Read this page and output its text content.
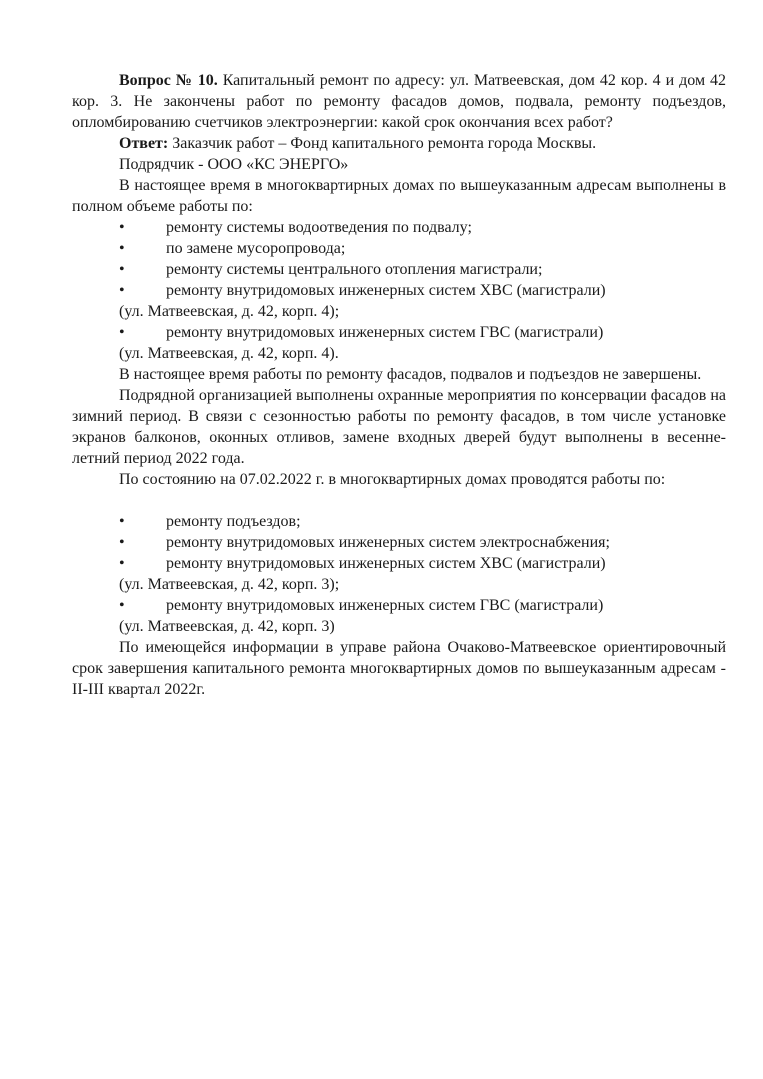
Вопрос № 10. Капитальный ремонт по адресу: ул. Матвеевская, дом 42 кор. 4 и дом 42 кор. 3. Не закончены работ по ремонту фасадов домов, подвала, ремонту подъездов, опломбированию счетчиков электроэнергии: какой срок окончания всех работ?

Ответ: Заказчик работ – Фонд капитального ремонта города Москвы.

Подрядчик - ООО «КС ЭНЕРГО»

В настоящее время в многоквартирных домах по вышеуказанным адресам выполнены в полном объеме работы по:

•	ремонту системы водоотведения по подвалу;

•	по замене мусоропровода;

•	ремонту системы центрального отопления магистрали;

•	ремонту внутридомовых инженерных систем ХВС (магистрали)

(ул. Матвеевская, д. 42, корп. 4);

•	ремонту внутридомовых инженерных систем ГВС (магистрали)

(ул. Матвеевская, д. 42, корп. 4).

В настоящее время работы по ремонту фасадов, подвалов и подъездов не завершены.

Подрядной организацией выполнены охранные мероприятия по консервации фасадов на зимний период. В связи с сезонностью работы по ремонту фасадов, в том числе установке экранов балконов, оконных отливов, замене входных дверей будут выполнены в весенне-летний период 2022 года.

По состоянию на 07.02.2022 г. в многоквартирных домах проводятся работы по:

•	ремонту подъездов;

•	ремонту внутридомовых инженерных систем электроснабжения;

•	ремонту внутридомовых инженерных систем ХВС (магистрали)

(ул. Матвеевская, д. 42, корп. 3);

•	ремонту внутридомовых инженерных систем ГВС (магистрали)

(ул. Матвеевская, д. 42, корп. 3)

По имеющейся информации в управе района Очаково-Матвеевское ориентировочный срок завершения капитального ремонта многоквартирных домов по вышеуказанным адресам - II-III квартал 2022г.
